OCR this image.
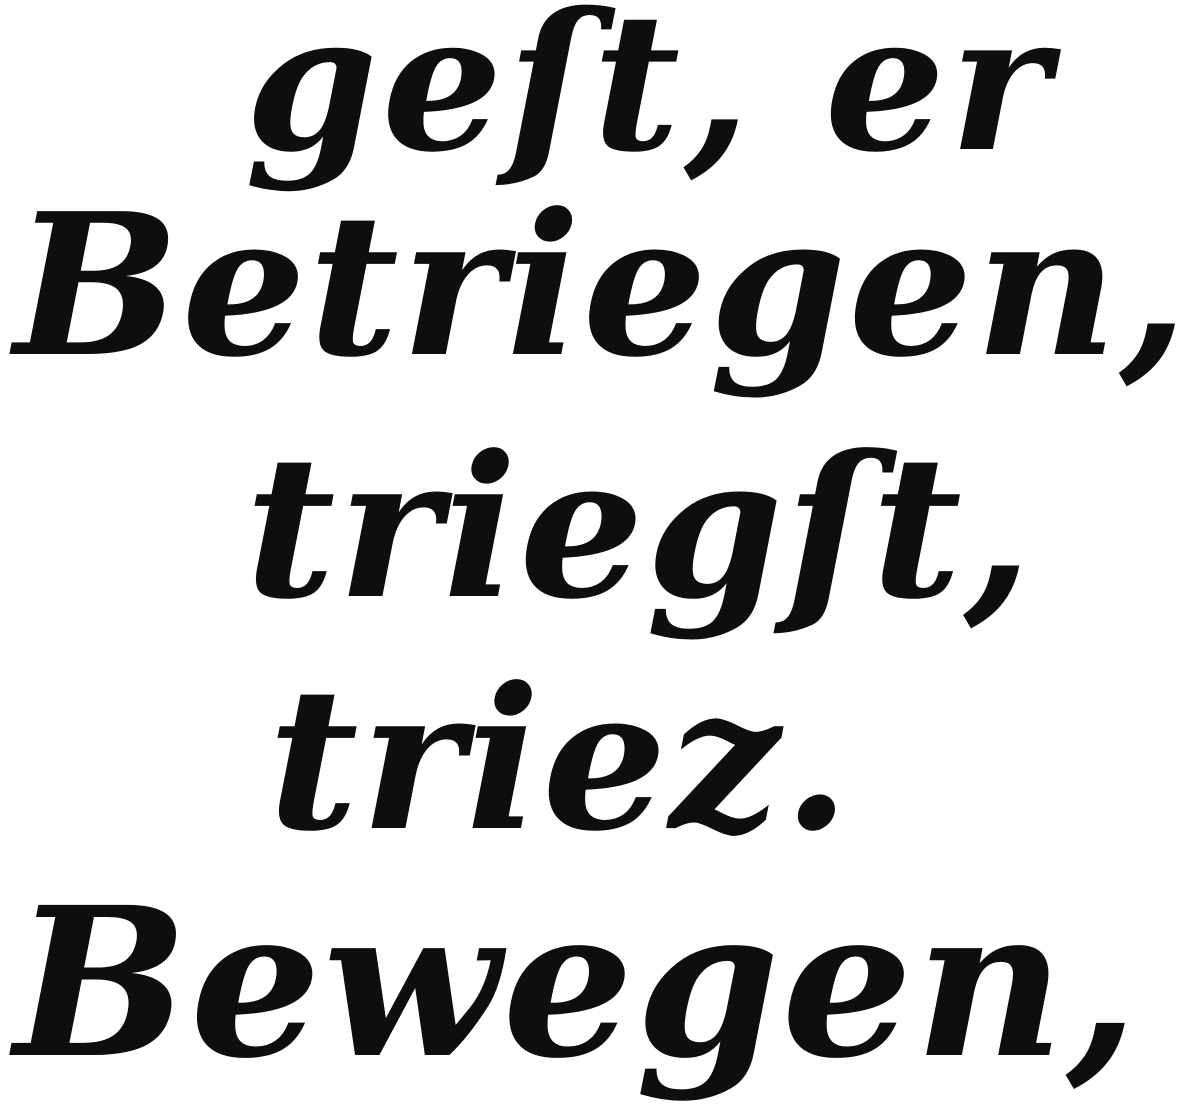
geſt, er
Betriegen,
triegſt,
triez.
Bewegen,
